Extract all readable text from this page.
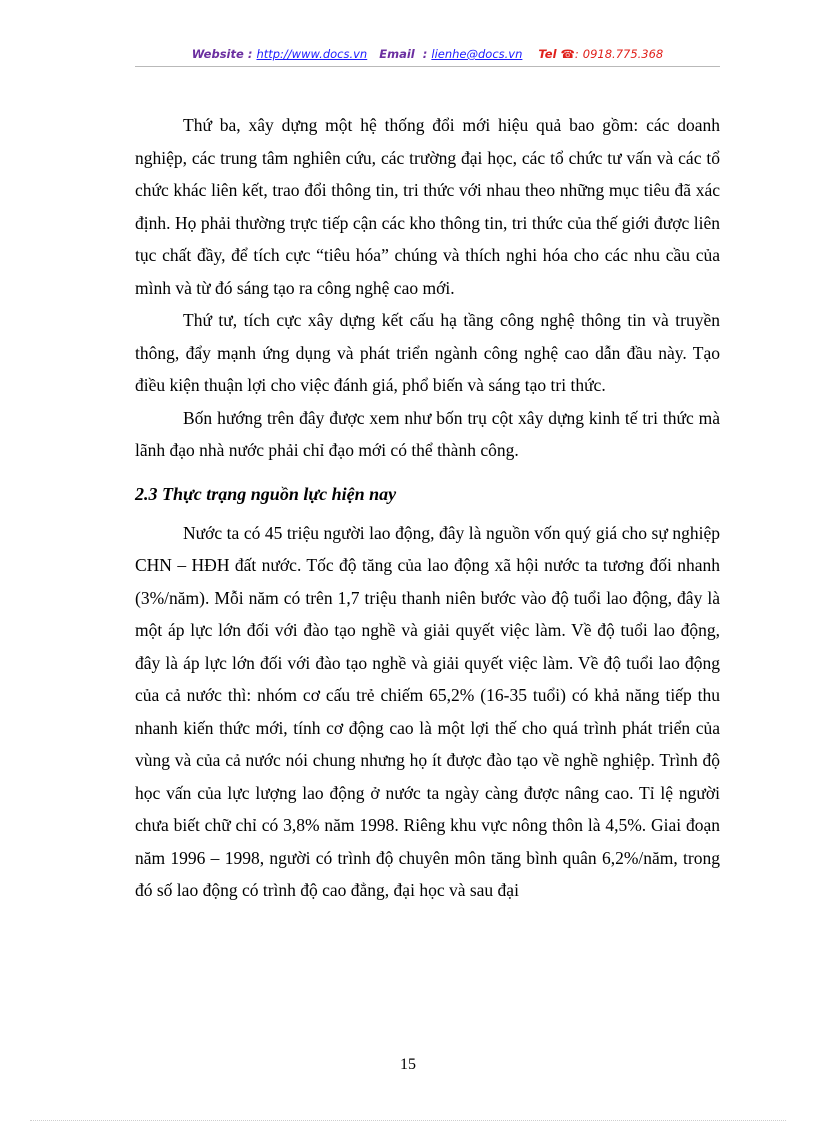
Website : http://www.docs.vn Email : lienhe@docs.vn Tel ☎: 0918.775.368

Thứ ba, xây dựng một hệ thống đổi mới hiệu quả bao gồm: các doanh nghiệp, các trung tâm nghiên cứu, các trường đại học, các tổ chức tư vấn và các tổ chức khác liên kết, trao đổi thông tin, tri thức với nhau theo những mục tiêu đã xác định. Họ phải thường trực tiếp cận các kho thông tin, tri thức của thế giới được liên tục chất đầy, để tích cực “tiêu hóa” chúng và thích nghi hóa cho các nhu cầu của mình và từ đó sáng tạo ra công nghệ cao mới.

Thứ tư, tích cực xây dựng kết cấu hạ tầng công nghệ thông tin và truyền thông, đẩy mạnh ứng dụng và phát triển ngành công nghệ cao dẫn đầu này. Tạo điều kiện thuận lợi cho việc đánh giá, phổ biến và sáng tạo tri thức.

Bốn hướng trên đây được xem như bốn trụ cột xây dựng kinh tế tri thức mà lãnh đạo nhà nước phải chỉ đạo mới có thể thành công.

2.3 Thực trạng nguồn lực hiện nay

Nước ta có 45 triệu người lao động, đây là nguồn vốn quý giá cho sự nghiệp CHN – HĐH đất nước. Tốc độ tăng của lao động xã hội nước ta tương đối nhanh (3%/năm). Mỗi năm có trên 1,7 triệu thanh niên bước vào độ tuổi lao động, đây là một áp lực lớn đối với đào tạo nghề và giải quyết việc làm. Về độ tuổi lao động, đây là áp lực lớn đối với đào tạo nghề và giải quyết việc làm. Về độ tuổi lao động của cả nước thì: nhóm cơ cấu trẻ chiếm 65,2% (16-35 tuổi) có khả năng tiếp thu nhanh kiến thức mới, tính cơ động cao là một lợi thế cho quá trình phát triển của vùng và của cả nước nói chung nhưng họ ít được đào tạo về nghề nghiệp. Trình độ học vấn của lực lượng lao động ở nước ta ngày càng được nâng cao. Tỉ lệ người chưa biết chữ chỉ có 3,8% năm 1998. Riêng khu vực nông thôn là 4,5%. Giai đoạn năm 1996 – 1998, người có trình độ chuyên môn tăng bình quân 6,2%/năm, trong đó số lao động có trình độ cao đẳng, đại học và sau đại

15
